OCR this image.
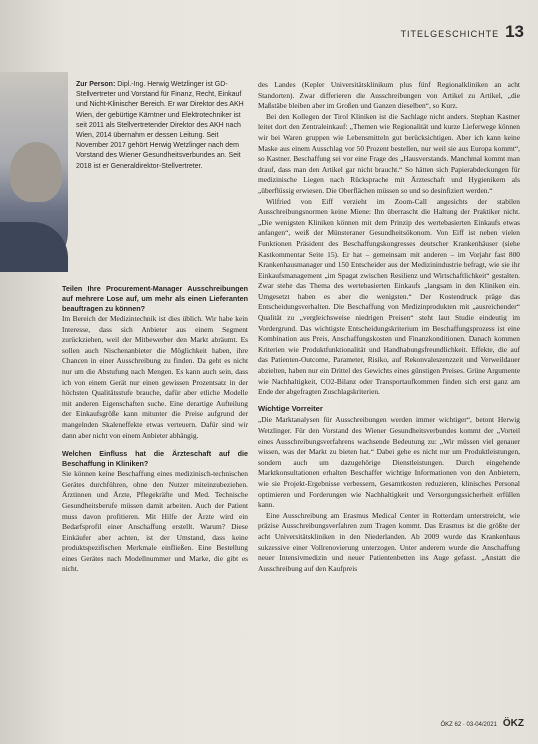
TITELGESCHICHTE 13
Zur Person: Dipl.-Ing. Herwig Wetzlinger ist GD-Stellvertreter und Vorstand für Finanz, Recht, Einkauf und Nicht-Klinischer Bereich. Er war Direktor des AKH Wien, der gebürtige Kärntner und Elektrotechniker ist seit 2011 als Stellvertretender Direktor des AKH nach Wien, 2014 übernahm er dessen Leitung. Seit November 2017 gehört Herwig Wetzlinger nach dem Vorstand des Wiener Gesundheitsverbundes an. Seit 2018 ist er Generaldirektor-Stellvertreter.
Teilen Ihre Procurement-Manager Ausschreibungen auf mehrere Lose auf, um mehr als einen Lieferanten beauftragen zu können?

Im Bereich der Medizintechnik ist dies üblich. Wir habe kein Interesse, dass sich Anbieter aus einem Segment zurückziehen, weil der Mitbewerber den Markt abräumt. Es sollen auch Nischenanbieter die Möglichkeit haben, ihre Chancen in einer Ausschreibung zu finden. Da geht es nicht nur um die Abstufung nach Mengen. Es kann auch sein, dass ich von einem Gerät nur einen gewissen Prozentsatz in der höchsten Qualitätsstufe brauche, dafür aber etliche Modelle mit anderen Eigenschaften suche. Eine derartige Aufteilung der Einkaufsgröße kann mitunter die Preise aufgrund der mangelnden Skaleneffekte etwas verteuern. Dafür sind wir dann aber nicht von einem Anbieter abhängig.

Welchen Einfluss hat die Ärzteschaft auf die Beschaffung in Kliniken?

Sie können keine Beschaffung eines medizinisch-technischen Gerätes durchführen, ohne den Nutzer miteinzubeziehen. Ärztinnen und Ärzte, Pflegekräfte und Med. Technische Gesundheitsberufe müssen damit arbeiten. Auch der Patient muss davon profitieren. Mit Hilfe der Ärzte wird ein Bedarfsprofil einer Anschaffung erstellt. Warum? Diese Einkäufer aber achten, ist der Umstand, dass keine produktspezifischen Merkmale einfließen. Eine Bestellung eines Gerätes nach Modellnummer und Marke, die gibt es nicht.

des Landes (Kepler Universitätsklinikum plus fünf Regionalkliniken an acht Standorten). Zwar differieren die Ausschreibungen von Artikel zu Artikel, „die Maßstäbe bleiben aber im Großen und Ganzen dieselben“, so Kurz.

Bei den Kollegen der Tirol Kliniken ist die Sachlage nicht anders. Stephan Kastner leitet dort den Zentraleinkauf: „Themen wie Regionalität und kurze Lieferwege können wir bei Waren gruppen wie Lebensmitteln gut berücksichtigen. Aber ich kann keine Maske aus einem Ausschlag vor 50 Prozent bestellen, nur weil sie aus Europa kommt“, so Kastner. Beschaffung sei vor eine Frage des „Hausverstands. Manchmal kommt man drauf, dass man den Artikel gar nicht braucht.“ So hätten sich Papierabdeckungen für medizinische Liegen nach Rücksprache mit Ärzteschaft und Hygienikern als „überflüssig erwiesen. Die Oberflächen müssen so und so desinfiziert werden.“

Wilfried von Eiff verzieht im Zoom-Call angesichts der stabilen Ausschreibungsnormen keine Miene: Ihn überrascht die Haltung der Praktiker nicht. „Die wenigsten Kliniken können mit dem Prinzip des wertebasierten Einkaufs etwas anfangen“, weiß der Münsteraner Gesundheitsökonom. Von Eiff ist neben vielen Funktionen Präsident des Beschaffungskongresses deutscher Krankenhäuser (siehe Kastkommentar Seite 15). Er hat – gemeinsam mit anderen – im Vorjahr fast 800 Krankenhausmanager und 150 Entscheider aus der Medizinindustrie befragt, wie sie ihr Einkaufsmanagement „im Spagat zwischen Resilienz und Wirtschaftlichkeit“ gestalten. Zwar stehe das Thema des wertebasierten Einkaufs „langsam in den Kliniken ein. Umgesetzt haben es aber die wenigsten.“ Der Kostendruck präge das Entscheidungsverhalten. Die Beschaffung von Medizinprodukten mit „ausreichender“ Qualität zu „vergleichsweise niedrigen Preisen“ steht laut Studie eindeutig im Vordergrund. Das wichtigste Entscheidungskriterium im Beschaffungsprozess ist eine Kombination aus Preis, Anschaffungskosten und Finanzkonditionen. Danach kommen Kriterien wie Produktfunktionalität und Handhabungsfreundlichkeit. Effekte, die auf das Patienten-Outcome, Parameter, Risiko, auf Rekonvaleszenzzeit und Verweildauer abzielten, haben nur ein Drittel des Gewichts eines günstigen Preises. Grüne Argumente wie Nachhaltigkeit, CO2-Bilanz oder Transportaufkommen finden sich erst ganz am Ende der abgefragten Zuschlagskriterien.

Wichtige Vorreiter

„Die Marktanalysen für Ausschreibungen werden immer wichtiger“, betont Herwig Wetzlinger. Für den Vorstand des Wiener Gesundheitsverbundes kommt der „Vorteil eines Ausschreibungsverfahrens wachsende Bedeutung zu: „Wir müssen viel genauer wissen, was der Markt zu bieten hat.“ Dabei gehe es nicht nur um Produktleistungen, sondern auch um dazugehörige Dienstleistungen. Durch eingehende Marktkonsultationen erhalten Beschaffer wichtige Informationen von den Anbietern, wie sie Projekt-Ergebnisse verbessern, Gesamtkosten reduzieren, klinisches Personal optimieren und Forderungen wie Nachhaltigkeit und Versorgungssicherheit erfüllen kann.

Eine Ausschreibung am Erasmus Medical Center in Rotterdam unterstreicht, wie präzise Ausschreibungsverfahren zum Tragen kommt. Das Erasmus ist die größte der acht Universitätskliniken in den Niederlanden. Ab 2009 wurde das Krankenhaus sukzessive einer Vollrenovierung unterzogen. Unter anderem wurde die Anschaffung neuer Intensivmedizin und neuer Patientenbetten ins Auge gefasst. „Anstatt die Ausschreibung auf den Kaufpreis

ÖKZ 62 · 03-04/2021 ÖKZ
